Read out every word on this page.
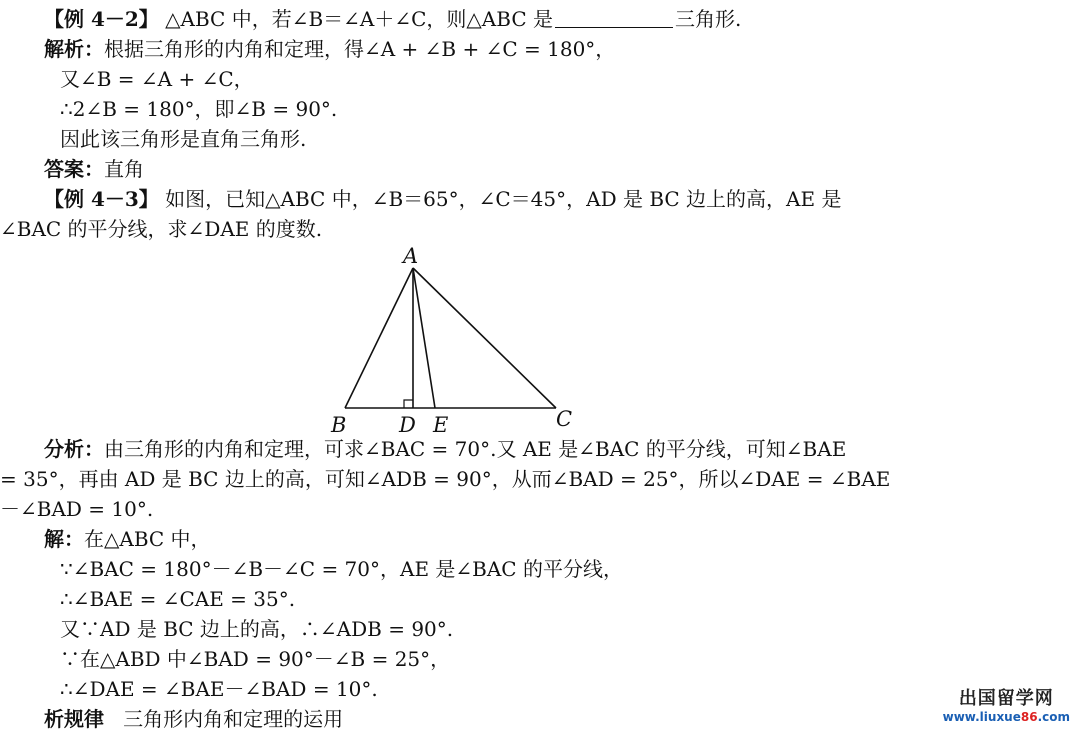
【例 4－2】 △ABC 中，若∠B＝∠A＋∠C，则△ABC 是	三角形.
解析：根据三角形的内角和定理，得∠A + ∠B + ∠C = 180°，
又∠B = ∠A + ∠C，
∴2∠B = 180°，即∠B = 90°.
因此该三角形是直角三角形.
答案：直角
【例 4－3】 如图，已知△ABC 中，∠B＝65°，∠C＝45°，AD 是 BC 边上的高，AE 是
∠BAC 的平分线，求∠DAE 的度数.
A
B	C
D E
分析：由三角形的内角和定理，可求∠BAC = 70°.又 AE 是∠BAC 的平分线，可知∠BAE
= 35°，再由 AD 是 BC 边上的高，可知∠ADB = 90°，从而∠BAD = 25°，所以∠DAE = ∠BAE
－∠BAD = 10°.
解：在△ABC 中，
∵∠BAC = 180°－∠B－∠C = 70°，AE 是∠BAC 的平分线，
∴∠BAE = ∠CAE = 35°.
又∵AD 是 BC 边上的高，∴∠ADB = 90°.
∵在△ABD 中∠BAD = 90°－∠B = 25°，
∴∠DAE = ∠BAE－∠BAD = 10°.
析规律 三角形内角和定理的运用
出国留学网
www.liuxue86.com
